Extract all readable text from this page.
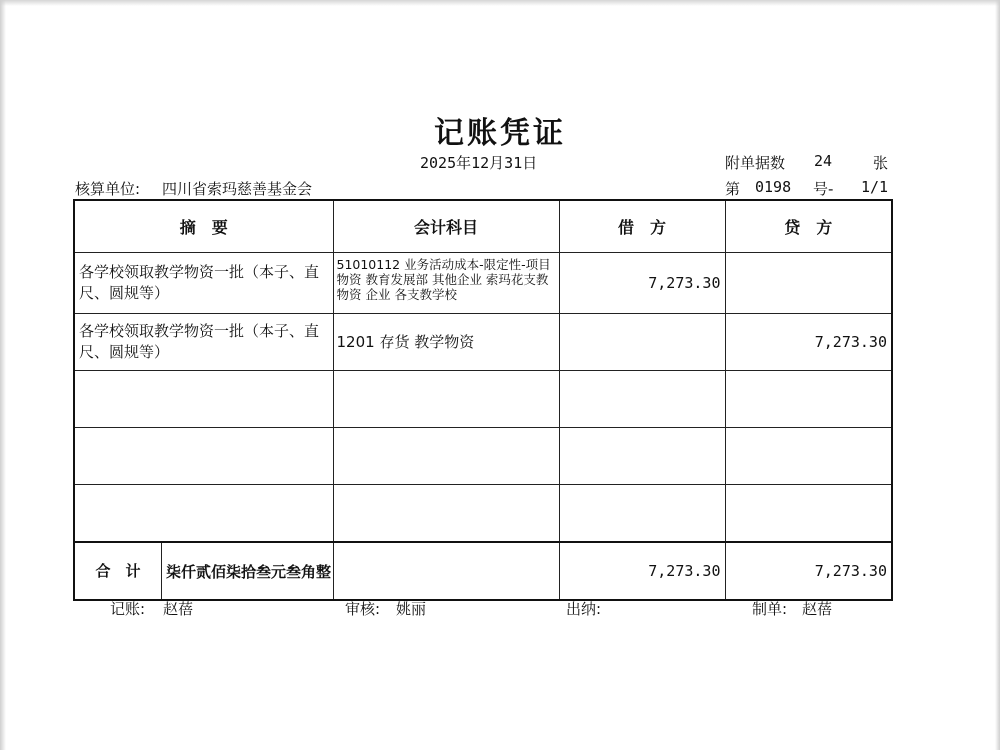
记账凭证
2025年12月31日	附单据数 24	张
核算单位: 四川省索玛慈善基金会	第 0198 号- 1/1
摘　要	会计科目	借　方	贷　方
各学校领取教学物资一批（本子、直尺、圆规等）	51010112 业务活动成本-限定性-项目物资 教育发展部 其他企业 索玛花支教 物资 企业 各支教学校	7,273.30	
各学校领取教学物资一批（本子、直尺、圆规等）	1201 存货 教学物资		7,273.30

合　计 柒仟贰佰柒拾叁元叁角整		7,273.30	7,273.30
记账: 赵蓓	审核: 姚丽	出纳:	制单: 赵蓓
